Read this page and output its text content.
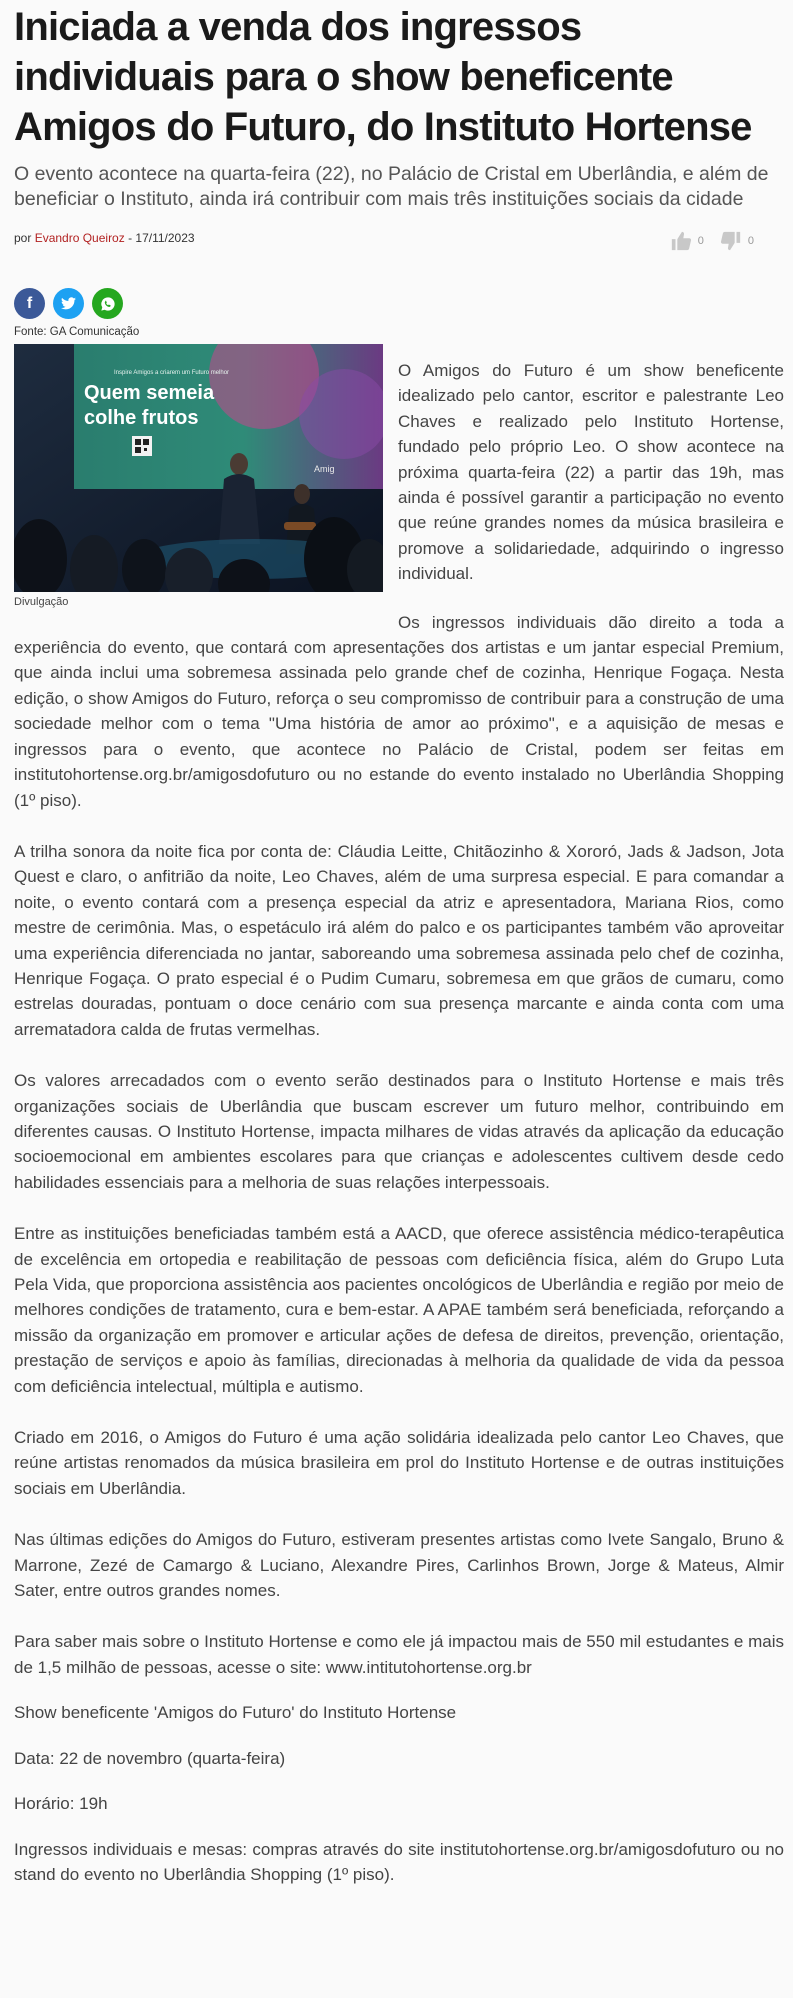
Iniciada a venda dos ingressos individuais para o show beneficente Amigos do Futuro, do Instituto Hortense
O evento acontece na quarta-feira (22), no Palácio de Cristal em Uberlândia, e além de beneficiar o Instituto, ainda irá contribuir com mais três instituições sociais da cidade
por Evandro Queiroz - 17/11/2023	0	0
f
Fonte: GA Comunicação
Inspire Amigos a criarem um Futuro melhor
Quem semeia
colhe frutos
Amig
Divulgação

O Amigos do Futuro é um show beneficente idealizado pelo cantor, escritor e palestrante Leo Chaves e realizado pelo Instituto Hortense, fundado pelo próprio Leo. O show acontece na próxima quarta-feira (22) a partir das 19h, mas ainda é possível garantir a participação no evento que reúne grandes nomes da música brasileira e promove a solidariedade, adquirindo o ingresso individual.

Os ingressos individuais dão direito a toda a experiência do evento, que contará com apresentações dos artistas e um jantar especial Premium, que ainda inclui uma sobremesa assinada pelo grande chef de cozinha, Henrique Fogaça. Nesta edição, o show Amigos do Futuro, reforça o seu compromisso de contribuir para a construção de uma sociedade melhor com o tema "Uma história de amor ao próximo", e a aquisição de mesas e ingressos para o evento, que acontece no Palácio de Cristal, podem ser feitas em institutohortense.org.br/amigosdofuturo ou no estande do evento instalado no Uberlândia Shopping (1º piso).

A trilha sonora da noite fica por conta de: Cláudia Leitte, Chitãozinho & Xororó, Jads & Jadson, Jota Quest e claro, o anfitrião da noite, Leo Chaves, além de uma surpresa especial. E para comandar a noite, o evento contará com a presença especial da atriz e apresentadora, Mariana Rios, como mestre de cerimônia. Mas, o espetáculo irá além do palco e os participantes também vão aproveitar uma experiência diferenciada no jantar, saboreando uma sobremesa assinada pelo chef de cozinha, Henrique Fogaça. O prato especial é o Pudim Cumaru, sobremesa em que grãos de cumaru, como estrelas douradas, pontuam o doce cenário com sua presença marcante e ainda conta com uma arrematadora calda de frutas vermelhas.

Os valores arrecadados com o evento serão destinados para o Instituto Hortense e mais três organizações sociais de Uberlândia que buscam escrever um futuro melhor, contribuindo em diferentes causas. O Instituto Hortense, impacta milhares de vidas através da aplicação da educação socioemocional em ambientes escolares para que crianças e adolescentes cultivem desde cedo habilidades essenciais para a melhoria de suas relações interpessoais.

Entre as instituições beneficiadas também está a AACD, que oferece assistência médico-terapêutica de excelência em ortopedia e reabilitação de pessoas com deficiência física, além do Grupo Luta Pela Vida, que proporciona assistência aos pacientes oncológicos de Uberlândia e região por meio de melhores condições de tratamento, cura e bem-estar. A APAE também será beneficiada, reforçando a missão da organização em promover e articular ações de defesa de direitos, prevenção, orientação, prestação de serviços e apoio às famílias, direcionadas à melhoria da qualidade de vida da pessoa com deficiência intelectual, múltipla e autismo.

Criado em 2016, o Amigos do Futuro é uma ação solidária idealizada pelo cantor Leo Chaves, que reúne artistas renomados da música brasileira em prol do Instituto Hortense e de outras instituições sociais em Uberlândia.

Nas últimas edições do Amigos do Futuro, estiveram presentes artistas como Ivete Sangalo, Bruno & Marrone, Zezé de Camargo & Luciano, Alexandre Pires, Carlinhos Brown, Jorge & Mateus, Almir Sater, entre outros grandes nomes.

Para saber mais sobre o Instituto Hortense e como ele já impactou mais de 550 mil estudantes e mais de 1,5 milhão de pessoas, acesse o site: www.intitutohortense.org.br

Show beneficente 'Amigos do Futuro' do Instituto Hortense

Data: 22 de novembro (quarta-feira)

Horário: 19h

Ingressos individuais e mesas: compras através do site institutohortense.org.br/amigosdofuturo ou no stand do evento no Uberlândia Shopping (1º piso).
